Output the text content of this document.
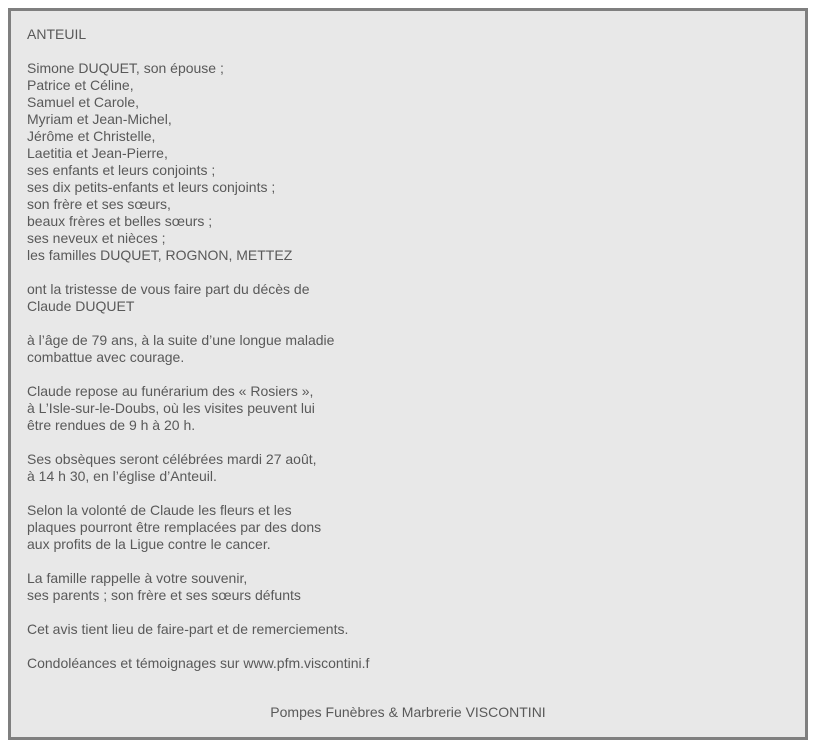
ANTEUIL
Simone DUQUET, son épouse ;
Patrice et Céline,
Samuel et Carole,
Myriam et Jean-Michel,
Jérôme et Christelle,
Laetitia et Jean-Pierre,
ses enfants et leurs conjoints ;
ses dix petits-enfants et leurs conjoints ;
son frère et ses sœurs,
beaux frères et belles sœurs ;
ses neveux et nièces ;
les familles DUQUET, ROGNON, METTEZ
ont la tristesse de vous faire part du décès de
Claude DUQUET
à l’âge de 79 ans, à la suite d’une longue maladie
combattue avec courage.
Claude repose au funérarium des « Rosiers »,
à L’Isle-sur-le-Doubs, où les visites peuvent lui
être rendues de 9 h à 20 h.
Ses obsèques seront célébrées mardi 27 août,
à 14 h 30, en l’église d’Anteuil.
Selon la volonté de Claude les fleurs et les
plaques pourront être remplacées par des dons
aux profits de la Ligue contre le cancer.
La famille rappelle à votre souvenir,
ses parents ; son frère et ses sœurs défunts
Cet avis tient lieu de faire-part et de remerciements.
Condoléances et témoignages sur www.pfm.viscontini.f
Pompes Funèbres & Marbrerie VISCONTINI
